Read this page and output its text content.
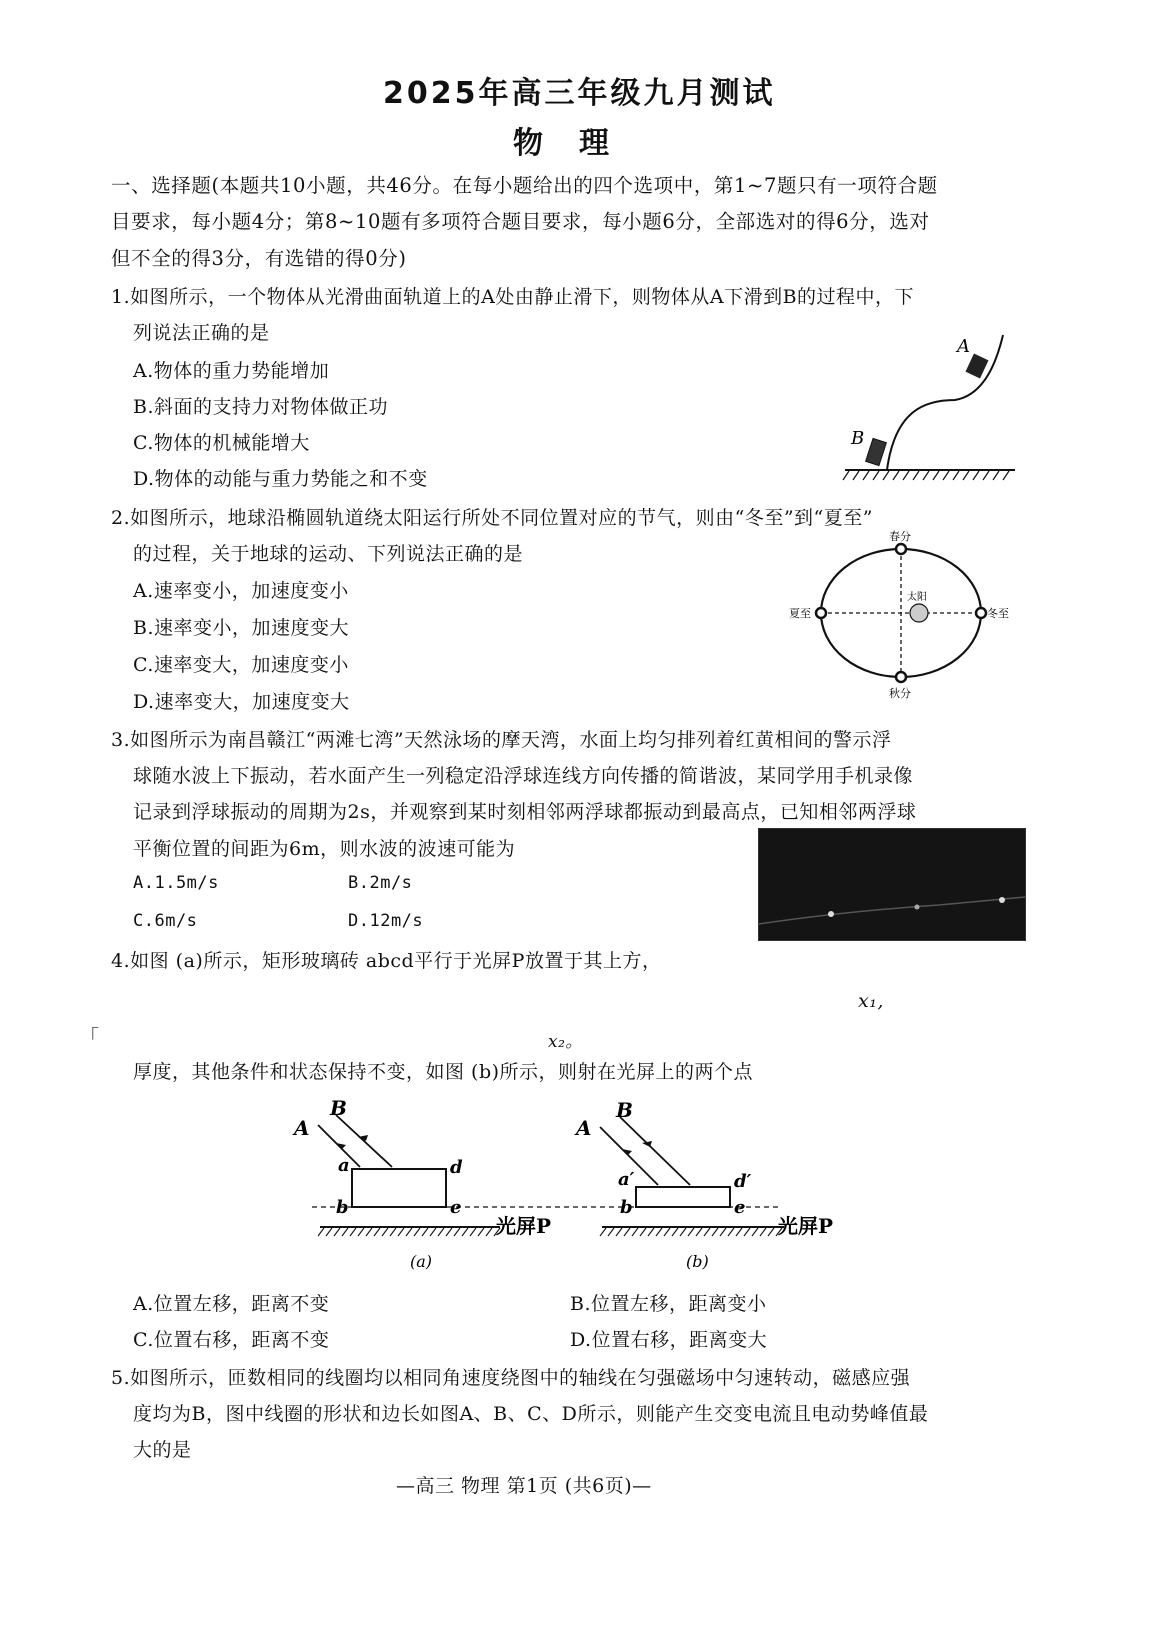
2025年高三年级九月测试
物　理
一、选择题(本题共10小题，共46分。在每小题给出的四个选项中，第1~7题只有一项符合题
目要求，每小题4分；第8~10题有多项符合题目要求，每小题6分，全部选对的得6分，选对
但不全的得3分，有选错的得0分)
1.如图所示，一个物体从光滑曲面轨道上的A处由静止滑下，则物体从A下滑到B的过程中，下
列说法正确的是
A.物体的重力势能增加
B.斜面的支持力对物体做正功
C.物体的机械能增大
D.物体的动能与重力势能之和不变
A
B
2.如图所示，地球沿椭圆轨道绕太阳运行所处不同位置对应的节气，则由“冬至”到“夏至”
的过程，关于地球的运动、下列说法正确的是
A.速率变小，加速度变小
B.速率变小，加速度变大
C.速率变大，加速度变小
D.速率变大，加速度变大
春分
秋分
夏至	冬至
太阳
3.如图所示为南昌赣江“两滩七湾”天然泳场的摩天湾，水面上均匀排列着红黄相间的警示浮
球随水波上下振动，若水面产生一列稳定沿浮球连线方向传播的简谐波，某同学用手机录像
记录到浮球振动的周期为2s，并观察到某时刻相邻两浮球都振动到最高点，已知相邻两浮球
平衡位置的间距为6m，则水波的波速可能为
A.1.5m/s	B.2m/s
C.6m/s	D.12m/s
4.如图 (a)所示，矩形玻璃砖 abcd平行于光屏P放置于其上方，
x₁,
「	x₂。
厚度，其他条件和状态保持不变，如图 (b)所示，则射在光屏上的两个点
A
B
a	d
b	e
光屏P
(a)
A
B
a′	d′
b	e
光屏P
(b)
A.位置左移，距离不变	B.位置左移，距离变小
C.位置右移，距离不变	D.位置右移，距离变大
5.如图所示，匝数相同的线圈均以相同角速度绕图中的轴线在匀强磁场中匀速转动，磁感应强
度均为B，图中线圈的形状和边长如图A、B、C、D所示，则能产生交变电流且电动势峰值最
大的是
—高三 物理 第1页 (共6页)—
